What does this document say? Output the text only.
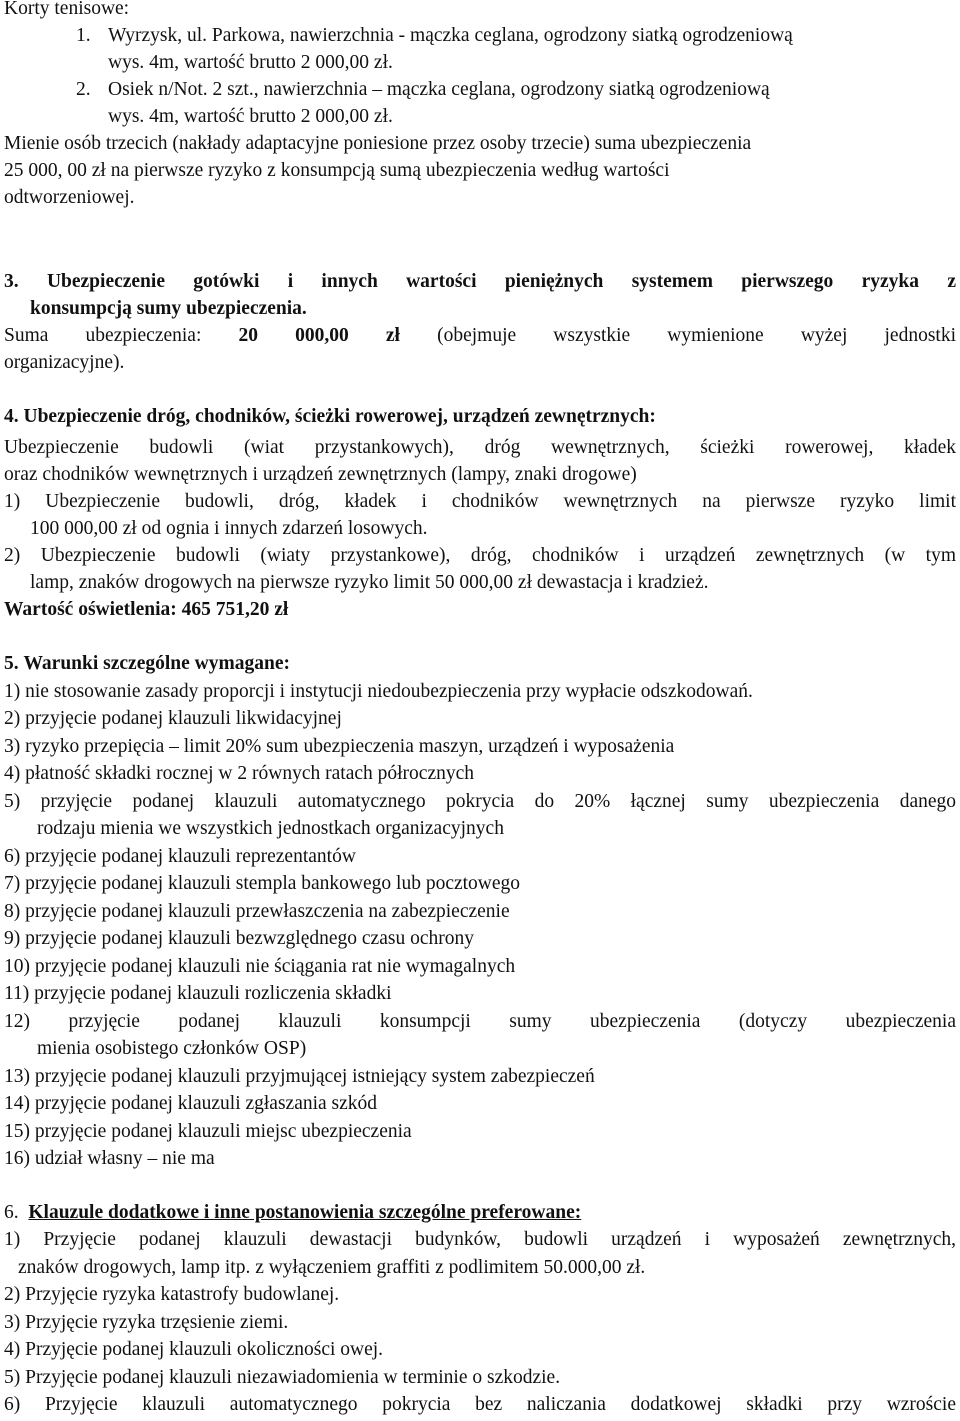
Korty tenisowe:
1. Wyrzysk, ul. Parkowa, nawierzchnia - mączka ceglana, ogrodzony siatką ogrodzeniową
wys. 4m, wartość brutto 2 000,00 zł.
2. Osiek n/Not. 2 szt., nawierzchnia – mączka ceglana, ogrodzony siatką ogrodzeniową
wys. 4m, wartość brutto 2 000,00 zł.
Mienie osób trzecich (nakłady adaptacyjne poniesione przez osoby trzecie) suma ubezpieczenia
25 000, 00 zł na pierwsze ryzyko z konsumpcją sumą ubezpieczenia według wartości
odtworzeniowej.
3. Ubezpieczenie gotówki i innych wartości pieniężnych systemem pierwszego ryzyka z
konsumpcją sumy ubezpieczenia.
Suma ubezpieczenia: 20 000,00 zł (obejmuje wszystkie wymienione wyżej jednostki
organizacyjne).
4. Ubezpieczenie dróg, chodników, ścieżki rowerowej, urządzeń zewnętrznych:
Ubezpieczenie budowli (wiat przystankowych), dróg wewnętrznych, ścieżki rowerowej, kładek
oraz chodników wewnętrznych i urządzeń zewnętrznych (lampy, znaki drogowe)
1) Ubezpieczenie budowli, dróg, kładek i chodników wewnętrznych na pierwsze ryzyko limit
100 000,00 zł od ognia i innych zdarzeń losowych.
2) Ubezpieczenie budowli (wiaty przystankowe), dróg, chodników i urządzeń zewnętrznych (w tym
lamp, znaków drogowych na pierwsze ryzyko limit 50 000,00 zł dewastacja i kradzież.
Wartość oświetlenia: 465 751,20 zł
5. Warunki szczególne wymagane:
1) nie stosowanie zasady proporcji i instytucji niedoubezpieczenia przy wypłacie odszkodowań.
2) przyjęcie podanej klauzuli likwidacyjnej
3) ryzyko przepięcia – limit 20% sum ubezpieczenia maszyn, urządzeń i wyposażenia
4) płatność składki rocznej w 2 równych ratach półrocznych
5) przyjęcie podanej klauzuli automatycznego pokrycia do 20% łącznej sumy ubezpieczenia danego
rodzaju mienia we wszystkich jednostkach organizacyjnych
6) przyjęcie podanej klauzuli reprezentantów
7) przyjęcie podanej klauzuli stempla bankowego lub pocztowego
8) przyjęcie podanej klauzuli przewłaszczenia na zabezpieczenie
9) przyjęcie podanej klauzuli bezwzględnego czasu ochrony
10) przyjęcie podanej klauzuli nie ściągania rat nie wymagalnych
11) przyjęcie podanej klauzuli rozliczenia składki
12) przyjęcie podanej klauzuli konsumpcji sumy ubezpieczenia (dotyczy ubezpieczenia
mienia osobistego członków OSP)
13) przyjęcie podanej klauzuli przyjmującej istniejący system zabezpieczeń
14) przyjęcie podanej klauzuli zgłaszania szkód
15) przyjęcie podanej klauzuli miejsc ubezpieczenia
16) udział własny – nie ma
6. Klauzule dodatkowe i inne postanowienia szczególne preferowane:
1) Przyjęcie podanej klauzuli dewastacji budynków, budowli urządzeń i wyposażeń zewnętrznych,
znaków drogowych, lamp itp. z wyłączeniem graffiti z podlimitem 50.000,00 zł.
2) Przyjęcie ryzyka katastrofy budowlanej.
3) Przyjęcie ryzyka trzęsienie ziemi.
4) Przyjęcie podanej klauzuli okoliczności owej.
5) Przyjęcie podanej klauzuli niezawiadomienia w terminie o szkodzie.
6) Przyjęcie klauzuli automatycznego pokrycia bez naliczania dodatkowej składki przy wzroście
